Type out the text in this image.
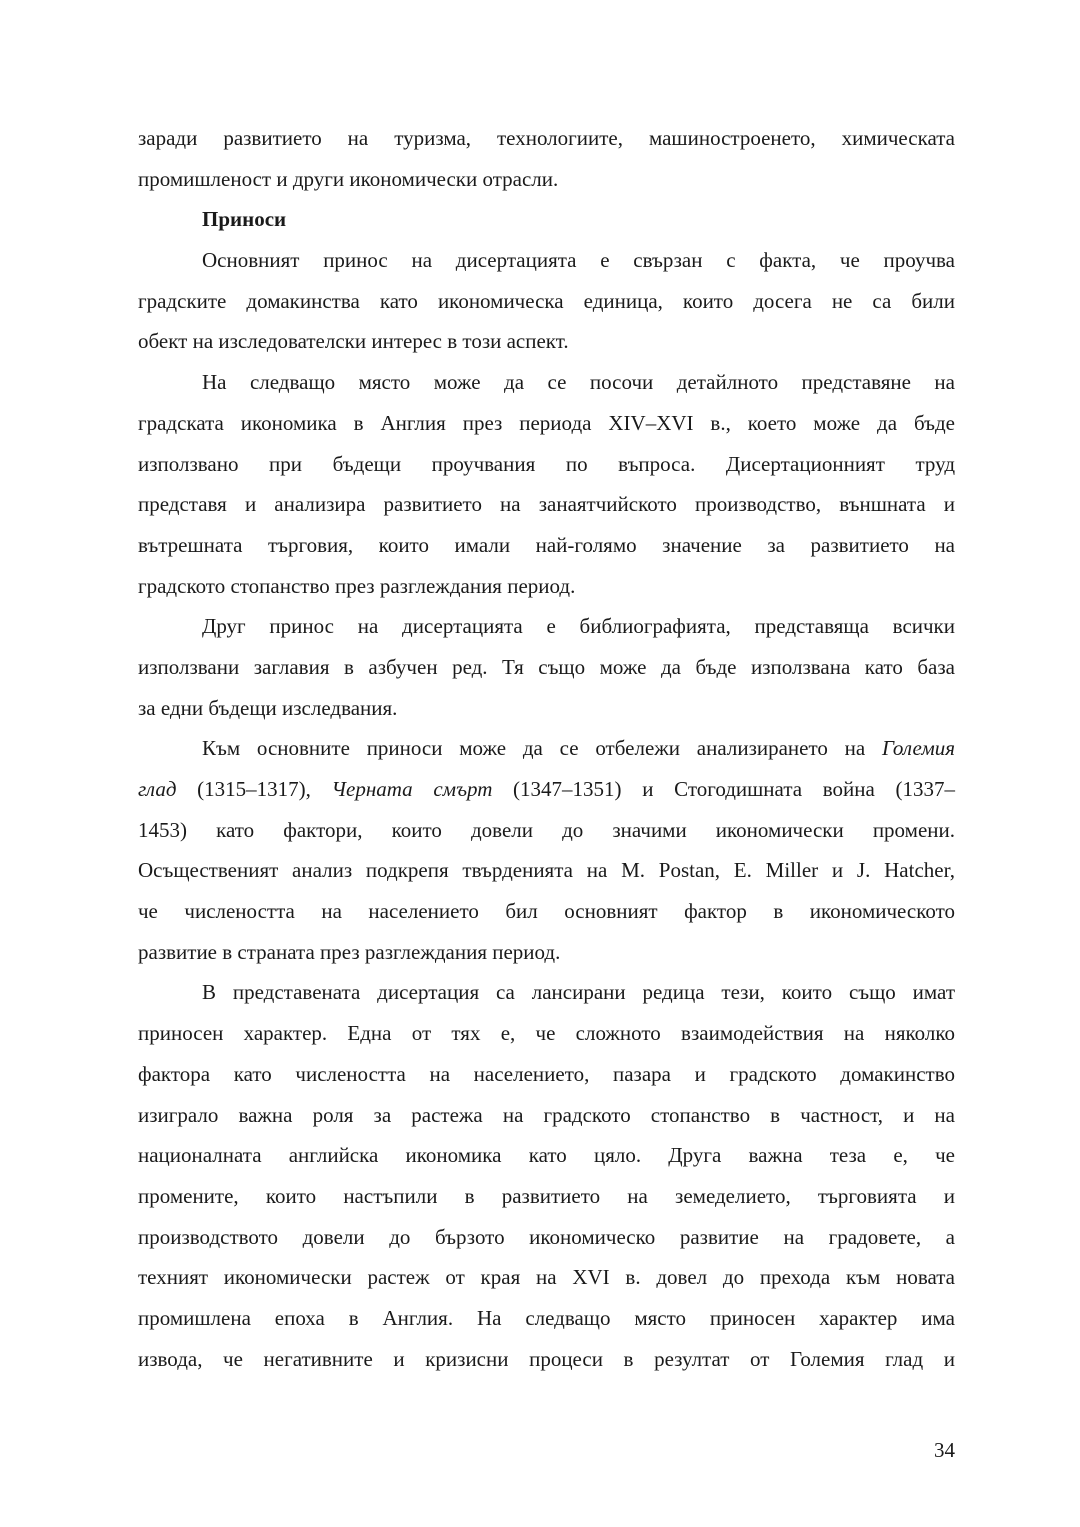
заради развитието на туризма, технологиите, машиностроенето, химическата
промишленост и други икономически отрасли.
Приноси
Основният принос на дисертацията е свързан с факта, че проучва
градските домакинства като икономическа единица, които досега не са били
обект на изследователски интерес в този аспект.
На следващо място може да се посочи детайлното представяне на
градската икономика в Англия през периода XIV–XVI в., което може да бъде
използвано при бъдещи проучвания по въпроса. Дисертационният труд
представя и анализира развитието на занаятчийското производство, външната и
вътрешната търговия, които имали най-голямо значение за развитието на
градското стопанство през разглеждания период.
Друг принос на дисертацията е библиографията, представяща всички
използвани заглавия в азбучен ред. Тя също може да бъде използвана като база
за едни бъдещи изследвания.
Към основните приноси може да се отбележи анализирането на Големия
глад (1315–1317), Черната смърт (1347–1351) и Стогодишната война (1337–
1453) като фактори, които довели до значими икономически промени.
Осъщественият анализ подкрепя твърденията на M. Postan, E. Miller и J. Hatcher,
че числеността на населението бил основният фактор в икономическото
развитие в страната през разглеждания период.
В представената дисертация са лансирани редица тези, които също имат
приносен характер. Една от тях е, че сложното взаимодействия на няколко
фактора като числеността на населението, пазара и градското домакинство
изиграло важна роля за растежа на градското стопанство в частност, и на
националната английска икономика като цяло. Друга важна теза е, че
промените, които настъпили в развитието на земеделието, търговията и
производството довели до бързото икономическо развитие на градовете, а
техният икономически растеж от края на XVI в. довел до прехода към новата
промишлена епоха в Англия. На следващо място приносен характер има
извода, че негативните и кризисни процеси в резултат от Големия глад и
34
